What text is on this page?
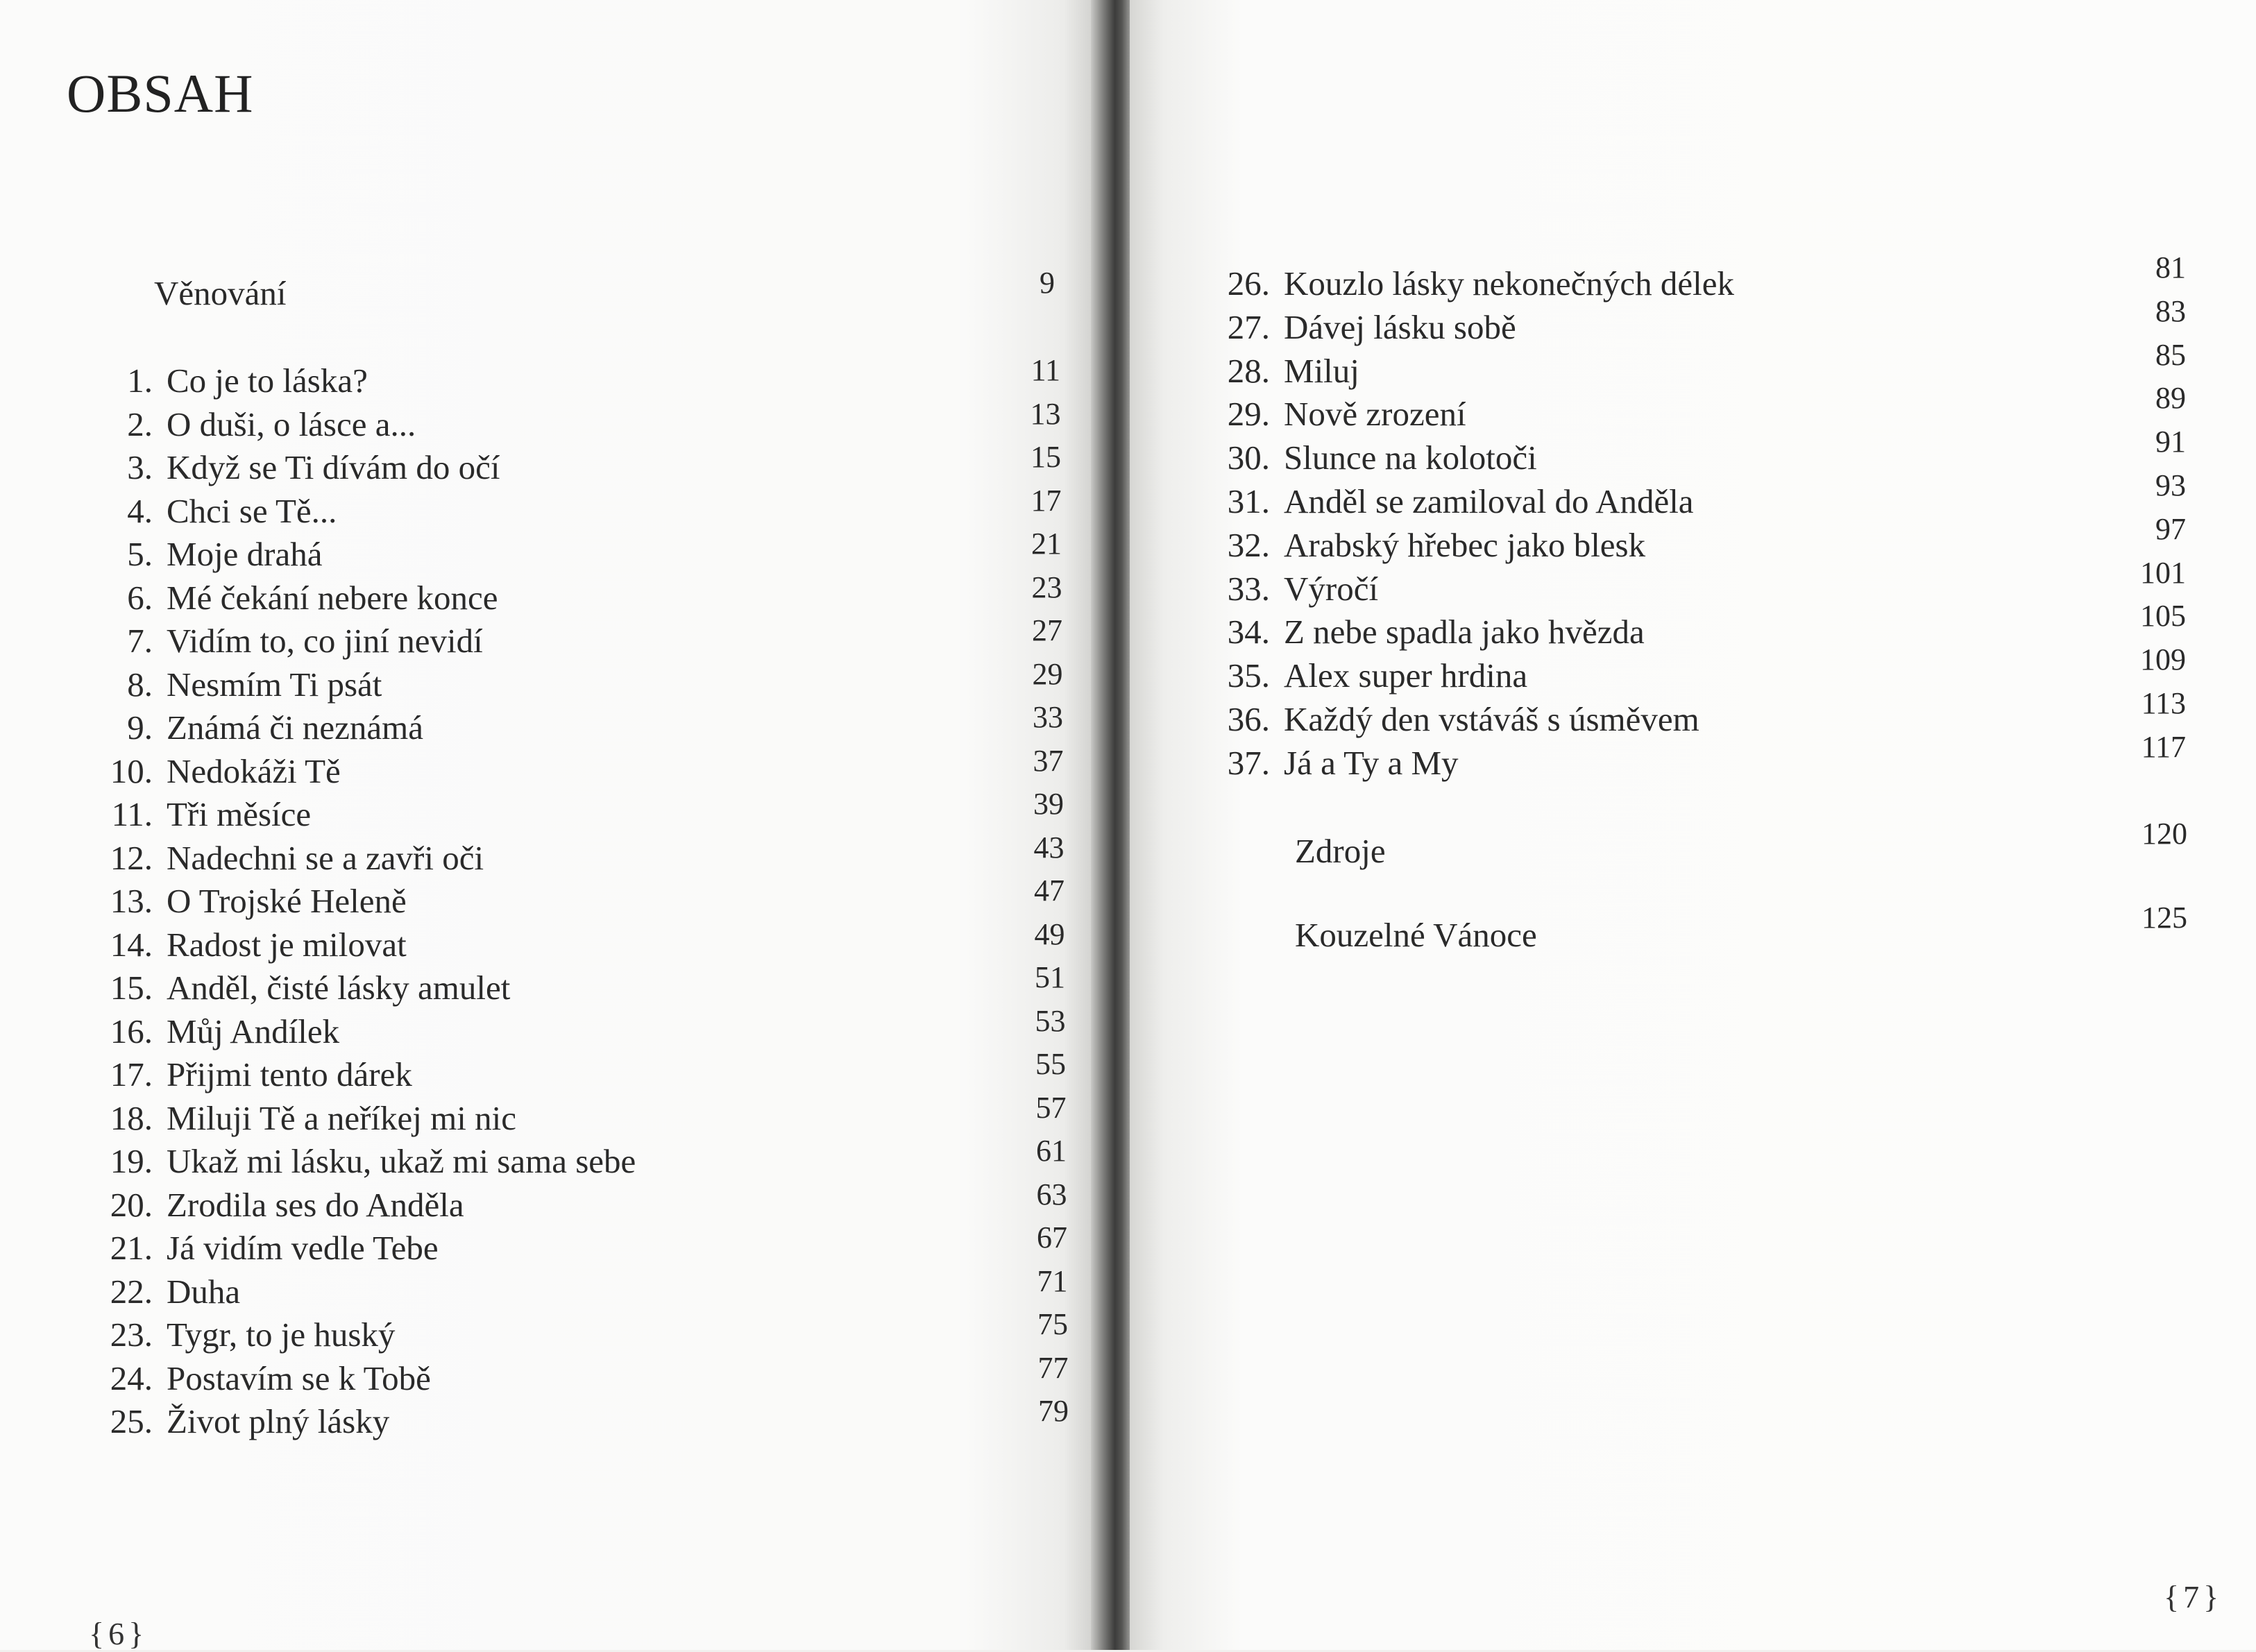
OBSAH
Věnování	9
1. Co je to láska?	11
2. O duši, o lásce a...	13
3. Když se Ti dívám do očí	15
4. Chci se Tě...	17
5. Moje drahá	21
6. Mé čekání nebere konce	23
7. Vidím to, co jiní nevidí	27
8. Nesmím Ti psát	29
9. Známá či neznámá	33
10. Nedokáži Tě	37
11. Tři měsíce	39
12. Nadechni se a zavři oči	43
13. O Trojské Heleně	47
14. Radost je milovat	49
15. Anděl, čisté lásky amulet	51
16. Můj Andílek	53
17. Přijmi tento dárek	55
18. Miluji Tě a neříkej mi nic	57
19. Ukaž mi lásku, ukaž mi sama sebe	61
20. Zrodila ses do Anděla	63
21. Já vidím vedle Tebe	67
22. Duha	71
23. Tygr, to je huský	75
24. Postavím se k Tobě	77
25. Život plný lásky	79
{6}
26. Kouzlo lásky nekonečných délek	81
27. Dávej lásku sobě	83
28. Miluj	85
29. Nově zrození	89
30. Slunce na kolotoči	91
31. Anděl se zamiloval do Anděla	93
32. Arabský hřebec jako blesk	97
33. Výročí	101
34. Z nebe spadla jako hvězda	105
35. Alex super hrdina	109
36. Každý den vstáváš s úsměvem	113
37. Já a Ty a My	117
Zdroje	120
Kouzelné Vánoce	125
{7}
